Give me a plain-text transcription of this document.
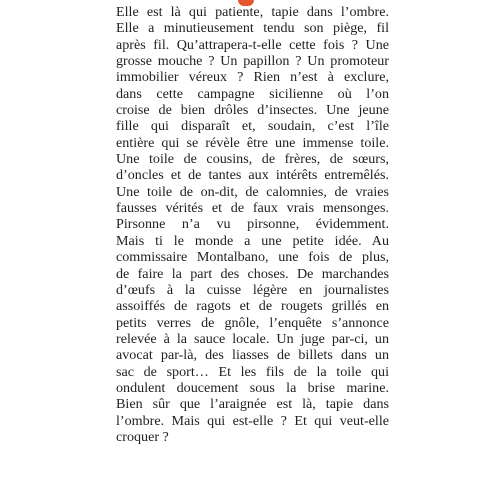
Elle est là qui patiente, tapie dans l’ombre.
Elle a minutieusement tendu son piège, fil
après fil. Qu’attrapera-t-elle cette fois ? Une
grosse mouche ? Un papillon ? Un promoteur
immobilier véreux ? Rien n’est à exclure,
dans cette campagne sicilienne où l’on
croise de bien drôles d’insectes. Une jeune
fille qui disparaît et, soudain, c’est l’île
entière qui se révèle être une immense toile.
Une toile de cousins, de frères, de sœurs,
d’oncles et de tantes aux intérêts entremêlés.
Une toile de on-dit, de calomnies, de vraies
fausses vérités et de faux vrais mensonges.
Pirsonne n’a vu pirsonne, évidemment.
Mais ti le monde a une petite idée. Au
commissaire Montalbano, une fois de plus,
de faire la part des choses. De marchandes
d’œufs à la cuisse légère en journalistes
assoiffés de ragots et de rougets grillés en
petits verres de gnôle, l’enquête s’annonce
relevée à la sauce locale. Un juge par-ci, un
avocat par-là, des liasses de billets dans un
sac de sport… Et les fils de la toile qui
ondulent doucement sous la brise marine.
Bien sûr que l’araignée est là, tapie dans
l’ombre. Mais qui est-elle ? Et qui veut-elle
croquer ?
